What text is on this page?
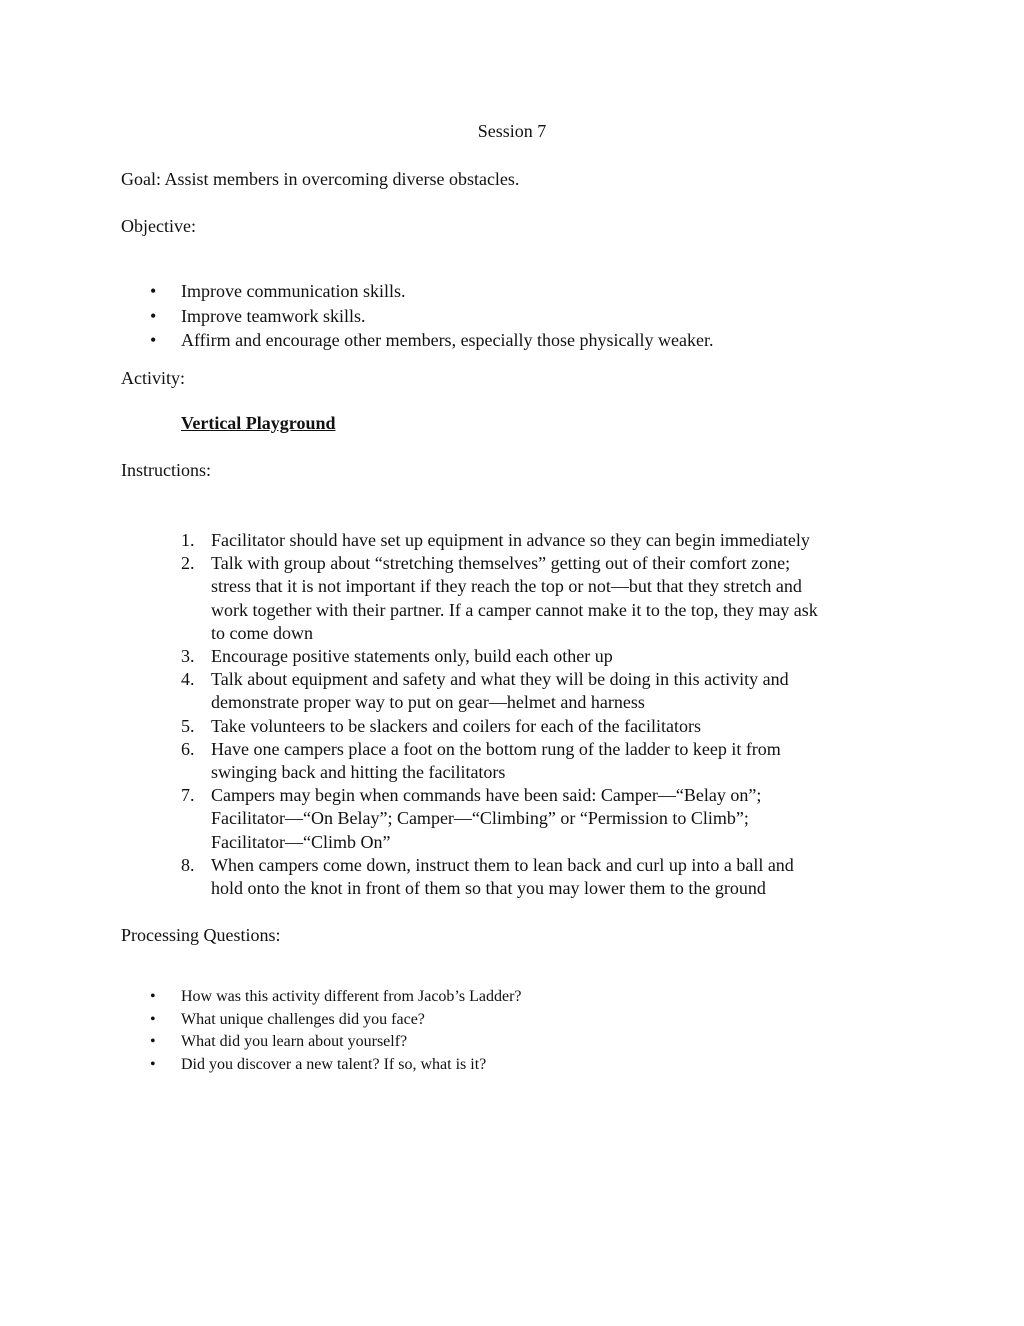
Session 7
Goal: Assist members in overcoming diverse obstacles.
Objective:
• Improve communication skills.
• Improve teamwork skills.
• Affirm and encourage other members, especially those physically weaker.
Activity:
Vertical Playground
Instructions:
1. Facilitator should have set up equipment in advance so they can begin immediately
2. Talk with group about “stretching themselves” getting out of their comfort zone;
stress that it is not important if they reach the top or not—but that they stretch and
work together with their partner. If a camper cannot make it to the top, they may ask
to come down
3. Encourage positive statements only, build each other up
4. Talk about equipment and safety and what they will be doing in this activity and
demonstrate proper way to put on gear—helmet and harness
5. Take volunteers to be slackers and coilers for each of the facilitators
6. Have one campers place a foot on the bottom rung of the ladder to keep it from
swinging back and hitting the facilitators
7. Campers may begin when commands have been said: Camper—“Belay on”;
Facilitator—“On Belay”; Camper—“Climbing” or “Permission to Climb”;
Facilitator—“Climb On”
8. When campers come down, instruct them to lean back and curl up into a ball and
hold onto the knot in front of them so that you may lower them to the ground
Processing Questions:
• How was this activity different from Jacob’s Ladder?
• What unique challenges did you face?
• What did you learn about yourself?
• Did you discover a new talent? If so, what is it?
